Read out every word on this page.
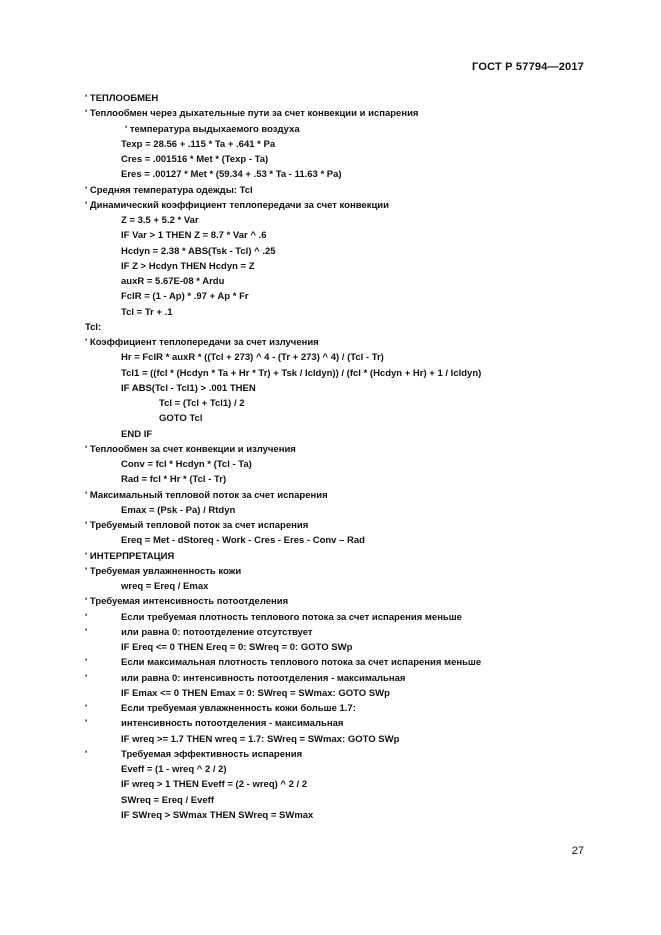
ГОСТ Р 57794—2017
' ТЕПЛООБМЕН
' Теплообмен через дыхательные пути за счет конвекции и испарения
' температура выдыхаемого воздуха
Texp = 28.56 + .115 * Ta + .641 * Pa
Cres = .001516 * Met * (Texp - Ta)
Eres = .00127 * Met * (59.34 + .53 * Ta - 11.63 * Pa)
' Средняя температура одежды: Tcl
' Динамический коэффициент теплопередачи за счет конвекции
Z = 3.5 + 5.2 * Var
IF Var > 1 THEN Z = 8.7 * Var ^ .6
Hcdyn = 2.38 * ABS(Tsk - Tcl) ^ .25
IF Z > Hcdyn THEN Hcdyn = Z
auxR = 5.67E-08 * Ardu
FclR = (1 - Ap) * .97 + Ap * Fr
Tcl = Tr + .1
Tcl:
' Коэффициент теплопередачи за счет излучения
Hr = FclR * auxR * ((Tcl + 273) ^ 4 - (Tr + 273) ^ 4) / (Tcl - Tr)
Tcl1 = ((fcl * (Hcdyn * Ta + Hr * Tr) + Tsk / Icldyn)) / (fcl * (Hcdyn + Hr) + 1 / Icldyn)
IF ABS(Tcl - Tcl1) > .001 THEN
Tcl = (Tcl + Tcl1) / 2
GOTO Tcl
END IF
' Теплообмен за счет конвекции и излучения
Conv = fcl * Hcdyn * (Tcl - Ta)
Rad = fcl * Hr * (Tcl - Tr)
' Максимальный тепловой поток за счет испарения
Emax = (Psk - Pa) / Rtdyn
' Требуемый тепловой поток за счет испарения
Ereq = Met - dStoreq - Work - Cres - Eres - Conv – Rad
' ИНТЕРПРЕТАЦИЯ
' Требуемая увлажненность кожи
wreq = Ereq / Emax
' Требуемая интенсивность потоотделения
'	Если требуемая плотность теплового потока за счет испарения меньше
'	или равна 0: потоотделение отсутствует
IF Ereq <= 0 THEN Ereq = 0: SWreq = 0: GOTO SWp
'	Если максимальная плотность теплового потока за счет испарения меньше
'	или равна 0: интенсивность потоотделения - максимальная
IF Emax <= 0 THEN Emax = 0: SWreq = SWmax: GOTO SWp
'	Если требуемая увлажненность кожи больше 1.7:
'	интенсивность потоотделения - максимальная
IF wreq >= 1.7 THEN wreq = 1.7: SWreq = SWmax: GOTO SWp
'	Требуемая эффективность испарения
Eveff = (1 - wreq ^ 2 / 2)
IF wreq > 1 THEN Eveff = (2 - wreq) ^ 2 / 2
SWreq = Ereq / Eveff
IF SWreq > SWmax THEN SWreq = SWmax
27
